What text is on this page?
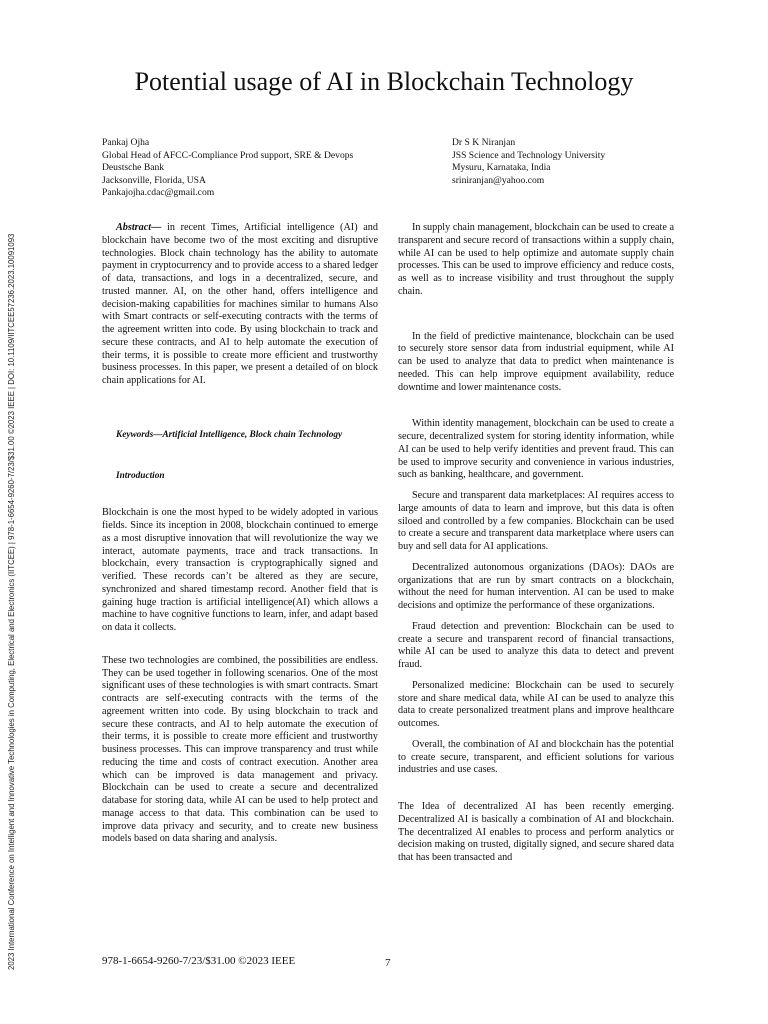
2023 International Conference on Intelligent and Innovative Technologies in Computing, Electrical and Electronics (IITCEE) | 978-1-6654-9260-7/23/$31.00 ©2023 IEEE | DOI: 10.1109/IITCEE57236.2023.10091093
Potential usage of AI in Blockchain Technology
Pankaj Ojha
Global Head of AFCC-Compliance Prod support, SRE & Devops
Deustsche Bank
Jacksonville, Florida, USA
Pankajojha.cdac@gmail.com
Dr S K Niranjan
JSS Science and Technology University
Mysuru, Karnataka, India
sriniranjan@yahoo.com

Abstract— in recent Times, Artificial intelligence (AI) and blockchain have become two of the most exciting and disruptive technologies. Block chain technology has the ability to automate payment in cryptocurrency and to provide access to a shared ledger of data, transactions, and logs in a decentralized, secure, and trusted manner. AI, on the other hand, offers intelligence and decision-making capabilities for machines similar to humans Also with Smart contracts or self-executing contracts with the terms of the agreement written into code. By using blockchain to track and secure these contracts, and AI to help automate the execution of their terms, it is possible to create more efficient and trustworthy business processes. In this paper, we present a detailed of on block chain applications for AI.

Keywords—Artificial Intelligence, Block chain Technology

Introduction

Blockchain is one the most hyped to be widely adopted in various fields. Since its inception in 2008, blockchain continued to emerge as a most disruptive innovation that will revolutionize the way we interact, automate payments, trace and track transactions. In blockchain, every transaction is cryptographically signed and verified. These records can’t be altered as they are secure, synchronized and shared timestamp record. Another field that is gaining huge traction is artificial intelligence(AI) which allows a machine to have cognitive functions to learn, infer, and adapt based on data it collects.

These two technologies are combined, the possibilities are endless. They can be used together in following scenarios. One of the most significant uses of these technologies is with smart contracts. Smart contracts are self-executing contracts with the terms of the agreement written into code. By using blockchain to track and secure these contracts, and AI to help automate the execution of their terms, it is possible to create more efficient and trustworthy business processes. This can improve transparency and trust while reducing the time and costs of contract execution. Another area which can be improved is data management and privacy. Blockchain can be used to create a secure and decentralized database for storing data, while AI can be used to help protect and manage access to that data. This combination can be used to improve data privacy and security, and to create new business models based on data sharing and analysis.

In supply chain management, blockchain can be used to create a transparent and secure record of transactions within a supply chain, while AI can be used to help optimize and automate supply chain processes. This can be used to improve efficiency and reduce costs, as well as to increase visibility and trust throughout the supply chain.

In the field of predictive maintenance, blockchain can be used to securely store sensor data from industrial equipment, while AI can be used to analyze that data to predict when maintenance is needed. This can help improve equipment availability, reduce downtime and lower maintenance costs.

Within identity management, blockchain can be used to create a secure, decentralized system for storing identity information, while AI can be used to help verify identities and prevent fraud. This can be used to improve security and convenience in various industries, such as banking, healthcare, and government.

Secure and transparent data marketplaces: AI requires access to large amounts of data to learn and improve, but this data is often siloed and controlled by a few companies. Blockchain can be used to create a secure and transparent data marketplace where users can buy and sell data for AI applications.

Decentralized autonomous organizations (DAOs): DAOs are organizations that are run by smart contracts on a blockchain, without the need for human intervention. AI can be used to make decisions and optimize the performance of these organizations.

Fraud detection and prevention: Blockchain can be used to create a secure and transparent record of financial transactions, while AI can be used to analyze this data to detect and prevent fraud.

Personalized medicine: Blockchain can be used to securely store and share medical data, while AI can be used to analyze this data to create personalized treatment plans and improve healthcare outcomes.

Overall, the combination of AI and blockchain has the potential to create secure, transparent, and efficient solutions for various industries and use cases.

The Idea of decentralized AI has been recently emerging. Decentralized AI is basically a combination of AI and blockchain. The decentralized AI enables to process and perform analytics or decision making on trusted, digitally signed, and secure shared data that has been transacted and

978-1-6654-9260-7/23/$31.00 ©2023 IEEE	7
